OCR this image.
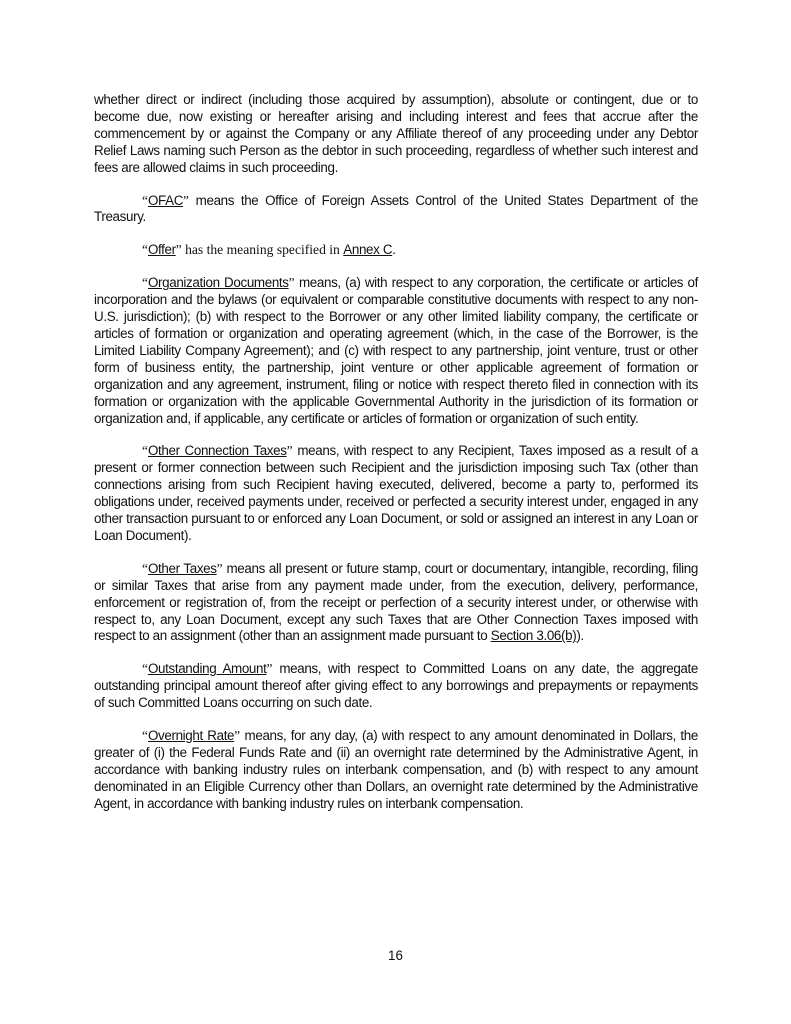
whether direct or indirect (including those acquired by assumption), absolute or contingent, due or to become due, now existing or hereafter arising and including interest and fees that accrue after the commencement by or against the Company or any Affiliate thereof of any proceeding under any Debtor Relief Laws naming such Person as the debtor in such proceeding, regardless of whether such interest and fees are allowed claims in such proceeding.

“OFAC” means the Office of Foreign Assets Control of the United States Department of the Treasury.

“Offer” has the meaning specified in Annex C.

“Organization Documents” means, (a) with respect to any corporation, the certificate or articles of incorporation and the bylaws (or equivalent or comparable constitutive documents with respect to any non-U.S. jurisdiction); (b) with respect to the Borrower or any other limited liability company, the certificate or articles of formation or organization and operating agreement (which, in the case of the Borrower, is the Limited Liability Company Agreement); and (c) with respect to any partnership, joint venture, trust or other form of business entity, the partnership, joint venture or other applicable agreement of formation or organization and any agreement, instrument, filing or notice with respect thereto filed in connection with its formation or organization with the applicable Governmental Authority in the jurisdiction of its formation or organization and, if applicable, any certificate or articles of formation or organization of such entity.

“Other Connection Taxes” means, with respect to any Recipient, Taxes imposed as a result of a present or former connection between such Recipient and the jurisdiction imposing such Tax (other than connections arising from such Recipient having executed, delivered, become a party to, performed its obligations under, received payments under, received or perfected a security interest under, engaged in any other transaction pursuant to or enforced any Loan Document, or sold or assigned an interest in any Loan or Loan Document).

“Other Taxes” means all present or future stamp, court or documentary, intangible, recording, filing or similar Taxes that arise from any payment made under, from the execution, delivery, performance, enforcement or registration of, from the receipt or perfection of a security interest under, or otherwise with respect to, any Loan Document, except any such Taxes that are Other Connection Taxes imposed with respect to an assignment (other than an assignment made pursuant to Section 3.06(b)).

“Outstanding Amount” means, with respect to Committed Loans on any date, the aggregate outstanding principal amount thereof after giving effect to any borrowings and prepayments or repayments of such Committed Loans occurring on such date.

“Overnight Rate” means, for any day, (a) with respect to any amount denominated in Dollars, the greater of (i) the Federal Funds Rate and (ii) an overnight rate determined by the Administrative Agent, in accordance with banking industry rules on interbank compensation, and (b) with respect to any amount denominated in an Eligible Currency other than Dollars, an overnight rate determined by the Administrative Agent, in accordance with banking industry rules on interbank compensation.

16
